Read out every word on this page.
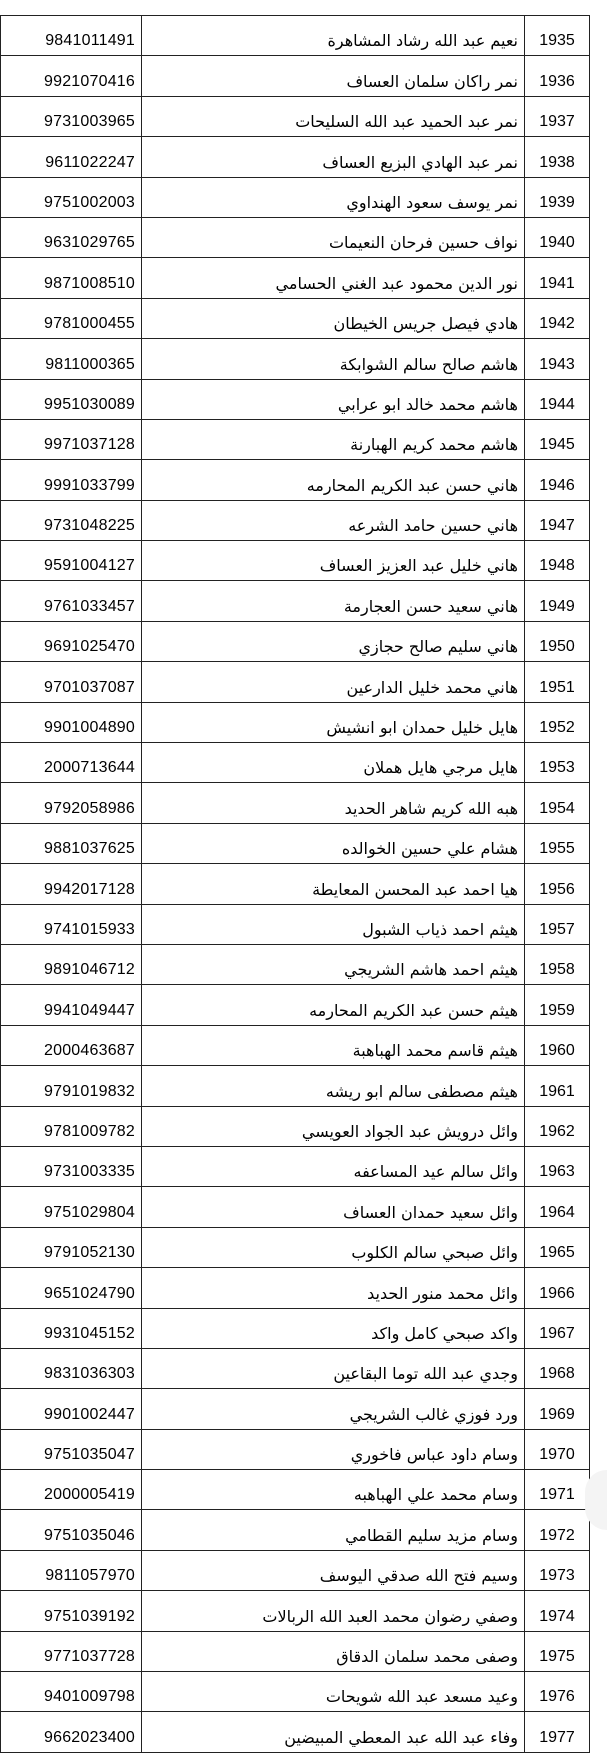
9841011491	نعيم عبد الله رشاد المشاهرة	1935
9921070416	نمر راكان سلمان العساف	1936
9731003965	نمر عبد الحميد عبد الله السليحات	1937
9611022247	نمر عبد الهادي البزيع العساف	1938
9751002003	نمر يوسف سعود الهنداوي	1939
9631029765	نواف حسين فرحان النعيمات	1940
9871008510	نور الدين محمود عبد الغني الحسامي	1941
9781000455	هادي فيصل جريس الخيطان	1942
9811000365	هاشم صالح سالم الشوابكة	1943
9951030089	هاشم محمد خالد ابو عرابي	1944
9971037128	هاشم محمد كريم الهبارنة	1945
9991033799	هاني حسن عبد الكريم المحارمه	1946
9731048225	هاني حسين حامد الشرعه	1947
9591004127	هاني خليل عبد العزيز العساف	1948
9761033457	هاني سعيد حسن العجارمة	1949
9691025470	هاني سليم صالح حجازي	1950
9701037087	هاني محمد خليل الدارعين	1951
9901004890	هايل خليل حمدان ابو انشيش	1952
2000713644	هايل مرجي هايل هملان	1953
9792058986	هبه الله كريم شاهر الحديد	1954
9881037625	هشام علي حسين الخوالده	1955
9942017128	هيا احمد عبد المحسن المعايطة	1956
9741015933	هيثم احمد ذياب الشبول	1957
9891046712	هيثم احمد هاشم الشريجي	1958
9941049447	هيثم حسن عبد الكريم المحارمه	1959
2000463687	هيثم قاسم محمد الهباهبة	1960
9791019832	هيثم مصطفى سالم ابو ريشه	1961
9781009782	وائل درويش عبد الجواد العويسي	1962
9731003335	وائل سالم عيد المساعفه	1963
9751029804	وائل سعيد حمدان العساف	1964
9791052130	وائل صبحي سالم الكلوب	1965
9651024790	وائل محمد منور الحديد	1966
9931045152	واكد صبحي كامل واكد	1967
9831036303	وجدي عبد الله توما البقاعين	1968
9901002447	ورد فوزي غالب الشريجي	1969
9751035047	وسام داود عباس فاخوري	1970
2000005419	وسام محمد علي الهباهبه	1971
9751035046	وسام مزيد سليم القطامي	1972
9811057970	وسيم فتح الله صدقي اليوسف	1973
9751039192	وصفي رضوان محمد العبد الله الربالات	1974
9771037728	وصفى محمد سلمان الدقاق	1975
9401009798	وعيد مسعد عبد الله شويحات	1976
9662023400	وفاء عبد الله عبد المعطي المبيضين	1977
